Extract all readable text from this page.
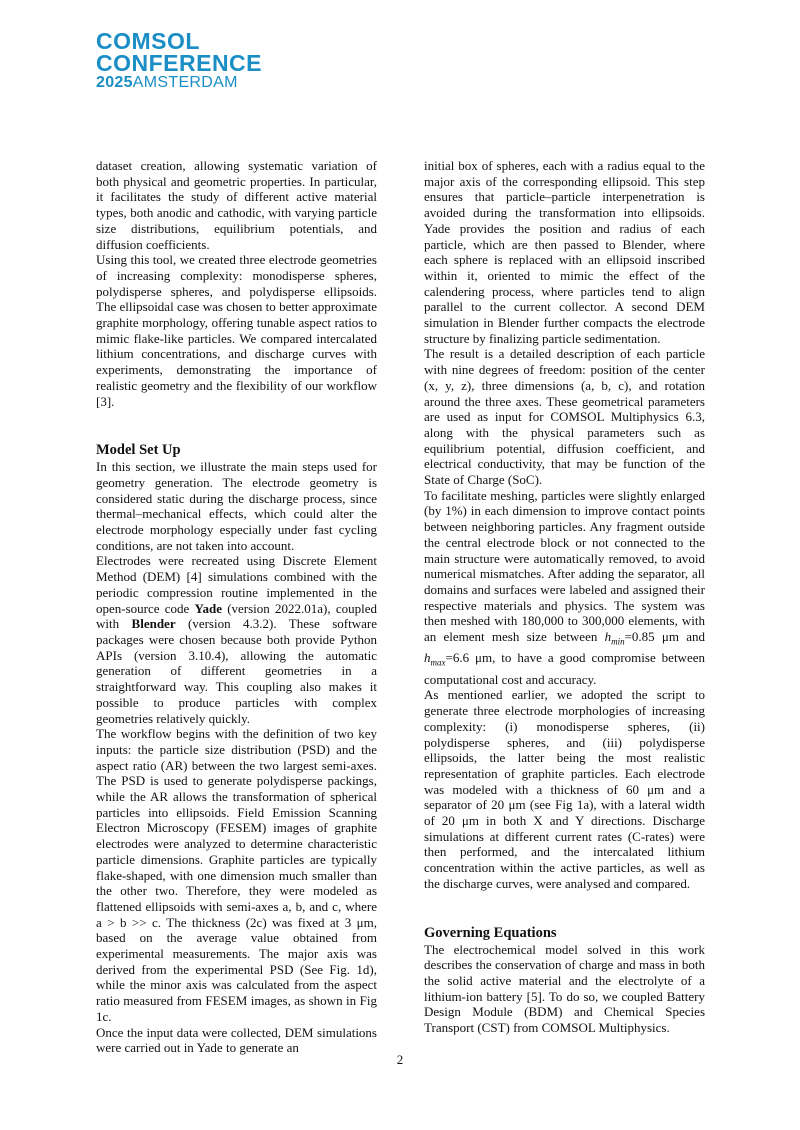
COMSOL

CONFERENCE

2025AMSTERDAM

dataset creation, allowing systematic variation of both physical and geometric properties. In particular, it facilitates the study of different active material types, both anodic and cathodic, with varying particle size distributions, equilibrium potentials, and diffusion coefficients.

Using this tool, we created three electrode geometries of increasing complexity: monodisperse spheres, polydisperse spheres, and polydisperse ellipsoids. The ellipsoidal case was chosen to better approximate graphite morphology, offering tunable aspect ratios to mimic flake-like particles. We compared intercalated lithium concentrations, and discharge curves with experiments, demonstrating the importance of realistic geometry and the flexibility of our workflow [3].

Model Set Up

In this section, we illustrate the main steps used for geometry generation. The electrode geometry is considered static during the discharge process, since thermal–mechanical effects, which could alter the electrode morphology especially under fast cycling conditions, are not taken into account.

Electrodes were recreated using Discrete Element Method (DEM) [4] simulations combined with the periodic compression routine implemented in the open-source code Yade (version 2022.01a), coupled with Blender (version 4.3.2). These software packages were chosen because both provide Python APIs (version 3.10.4), allowing the automatic generation of different geometries in a straightforward way. This coupling also makes it possible to produce particles with complex geometries relatively quickly.

The workflow begins with the definition of two key inputs: the particle size distribution (PSD) and the aspect ratio (AR) between the two largest semi-axes. The PSD is used to generate polydisperse packings, while the AR allows the transformation of spherical particles into ellipsoids. Field Emission Scanning Electron Microscopy (FESEM) images of graphite electrodes were analyzed to determine characteristic particle dimensions. Graphite particles are typically flake-shaped, with one dimension much smaller than the other two. Therefore, they were modeled as flattened ellipsoids with semi-axes a, b, and c, where a > b >> c. The thickness (2c) was fixed at 3 μm, based on the average value obtained from experimental measurements. The major axis was derived from the experimental PSD (See Fig. 1d), while the minor axis was calculated from the aspect ratio measured from FESEM images, as shown in Fig 1c.

Once the input data were collected, DEM simulations were carried out in Yade to generate an

initial box of spheres, each with a radius equal to the major axis of the corresponding ellipsoid. This step ensures that particle–particle interpenetration is avoided during the transformation into ellipsoids. Yade provides the position and radius of each particle, which are then passed to Blender, where each sphere is replaced with an ellipsoid inscribed within it, oriented to mimic the effect of the calendering process, where particles tend to align parallel to the current collector. A second DEM simulation in Blender further compacts the electrode structure by finalizing particle sedimentation.

The result is a detailed description of each particle with nine degrees of freedom: position of the center (x, y, z), three dimensions (a, b, c), and rotation around the three axes. These geometrical parameters are used as input for COMSOL Multiphysics 6.3, along with the physical parameters such as equilibrium potential, diffusion coefficient, and electrical conductivity, that may be function of the State of Charge (SoC).

To facilitate meshing, particles were slightly enlarged (by 1%) in each dimension to improve contact points between neighboring particles. Any fragment outside the central electrode block or not connected to the main structure were automatically removed, to avoid numerical mismatches. After adding the separator, all domains and surfaces were labeled and assigned their respective materials and physics. The system was then meshed with 180,000 to 300,000 elements, with an element mesh size between $h_{min}=0.85$ μm and $h_{max}=6.6$ μm, to have a good compromise between computational cost and accuracy.

As mentioned earlier, we adopted the script to generate three electrode morphologies of increasing complexity: (i) monodisperse spheres, (ii) polydisperse spheres, and (iii) polydisperse ellipsoids, the latter being the most realistic representation of graphite particles. Each electrode was modeled with a thickness of 60 μm and a separator of 20 μm (see Fig 1a), with a lateral width of 20 μm in both X and Y directions. Discharge simulations at different current rates (C-rates) were then performed, and the intercalated lithium concentration within the active particles, as well as the discharge curves, were analysed and compared.

Governing Equations

The electrochemical model solved in this work describes the conservation of charge and mass in both the solid active material and the electrolyte of a lithium-ion battery [5]. To do so, we coupled Battery Design Module (BDM) and Chemical Species Transport (CST) from COMSOL Multiphysics.

2
